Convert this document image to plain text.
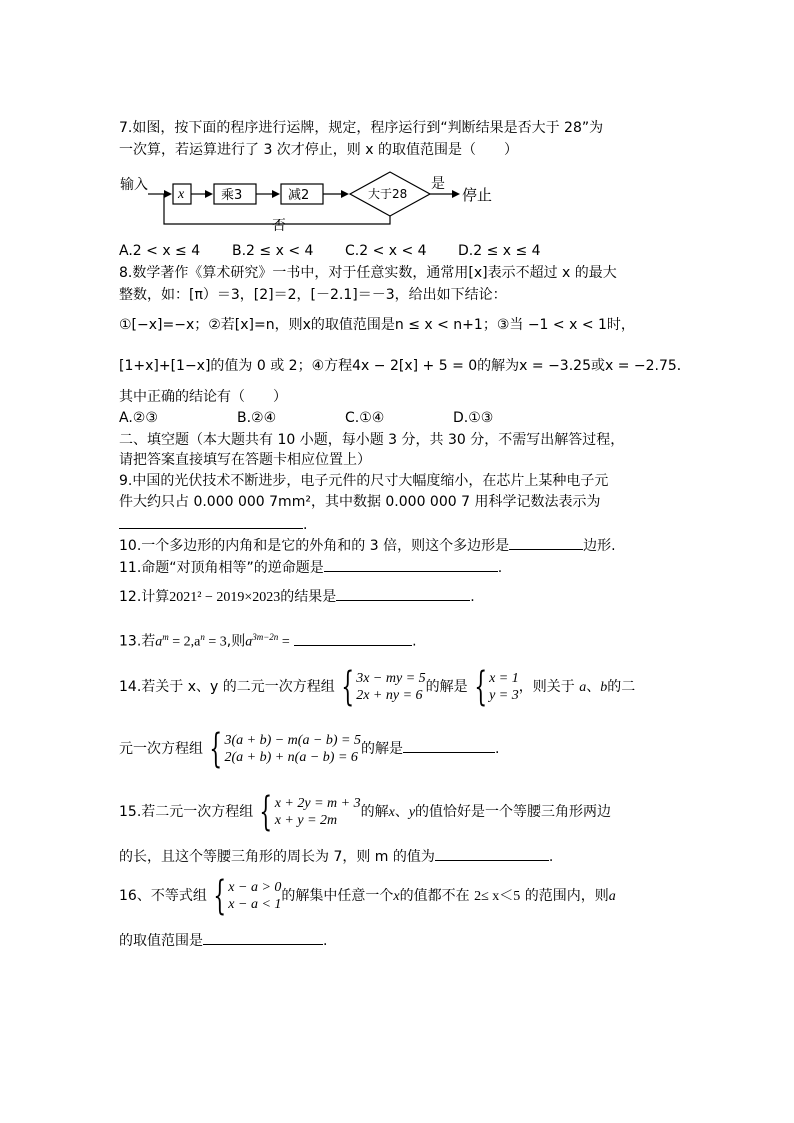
7.如图，按下面的程序进行运牌，规定，程序运行到“判断结果是否大于 28”为
一次算，若运算进行了 3 次才停止，则 x 的取值范围是（　　）
输入
x	乘3	减2	大于28
是
停止
否
A.2 < x ≤ 4 B.2 ≤ x < 4 C.2 < x < 4 D.2 ≤ x ≤ 4
8.数学著作《算术研究》一书中，对于任意实数，通常用[x]表示不超过 x 的最大
整数，如：[π）＝3，[2]＝2，[－2.1]＝－3，给出如下结论：
①[−x]=−x；②若[x]=n，则x的取值范围是n ≤ x < n+1；③当 −1 < x < 1时，
[1+x]+[1−x]的值为 0 或 2；④方程4x − 2[x] + 5 = 0的解为x = −3.25或x = −2.75．
其中正确的结论有（　　）
A.②③	B.②④	C.①④	D.①③
二、填空题（本大题共有 10 小题，每小题 3 分，共 30 分，不需写出解答过程，
请把答案直接填写在答题卡相应位置上）
9.中国的光伏技术不断进步，电子元件的尺寸大幅度缩小，在芯片上某种电子元
件大约只占 0.000 000 7mm²，其中数据 0.000 000 7 用科学记数法表示为
.
10.一个多边形的内角和是它的外角和的 3 倍，则这个多边形是	边形.
11.命题“对顶角相等”的逆命题是	.
12.计算2021² − 2019×2023的结果是	.
13.若$a^m = 2,a^n = 3$,则$a^{3m-2n}$ =	.
14.若关于 x、y 的二元一次方程组 { 3x − my = 5
2x + ny = 6
的解是 { x = 1
y = 3
，则关于 a、b的二
元一次方程组 { 3(a + b) − m(a − b) = 5
2(a + b) + n(a − b) = 6
的解是	.
15.若二元一次方程组 { x + 2y = m + 3
x + y = 2m
的解x、y的值恰好是一个等腰三角形两边
的长，且这个等腰三角形的周长为 7，则 m 的值为	.
16、不等式组 { x − a > 0
x − a < 1
的解集中任意一个x的值都不在 2≤ x＜5 的范围内，则a
的取值范围是	.
